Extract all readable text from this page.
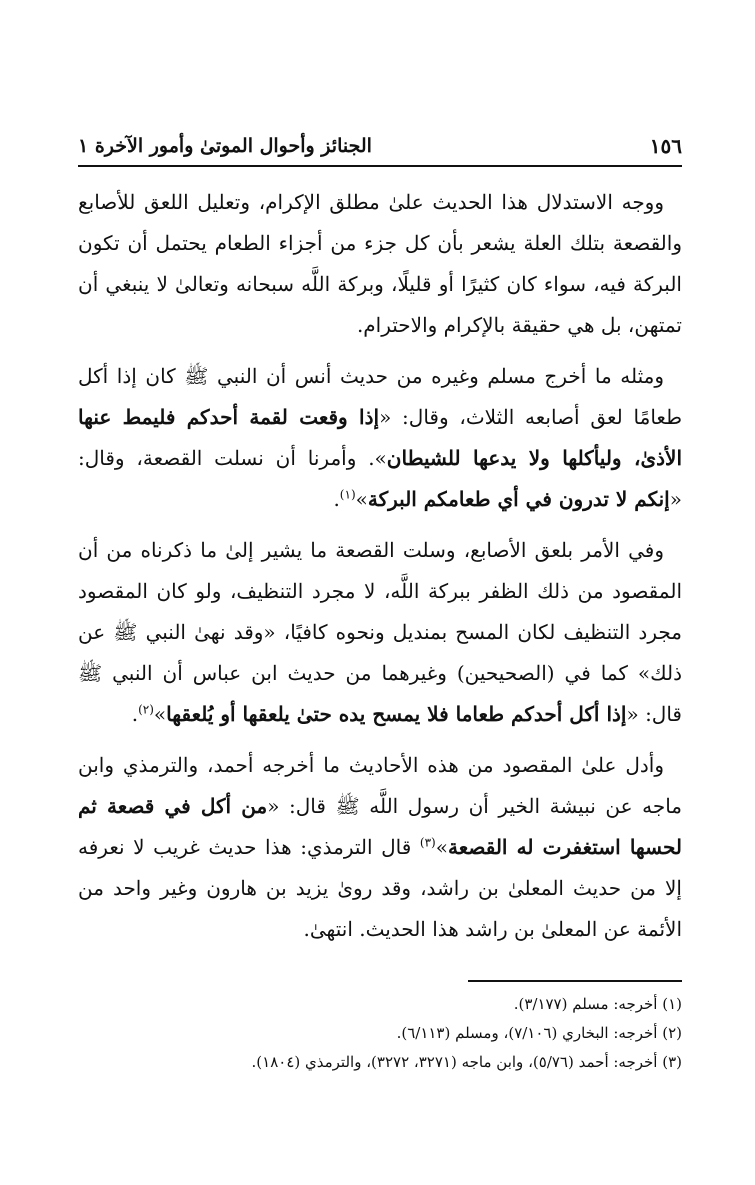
١٥٦
الجنائز وأحوال الموتىٰ وأمور الآخرة ١

ووجه الاستدلال هذا الحديث علىٰ مطلق الإكرام، وتعليل اللعق للأصابع والقصعة بتلك العلة يشعر بأن كل جزء من أجزاء الطعام يحتمل أن تكون البركة فيه، سواء كان كثيرًا أو قليلًا، وبركة اللَّه سبحانه وتعالىٰ لا ينبغي أن تمتهن، بل هي حقيقة بالإكرام والاحترام.

ومثله ما أخرج مسلم وغيره من حديث أنس أن النبي ﷺ كان إذا أكل طعامًا لعق أصابعه الثلاث، وقال: «إذا وقعت لقمة أحدكم فليمط عنها الأذىٰ، وليأكلها ولا يدعها للشيطان». وأمرنا أن نسلت القصعة، وقال: «إنكم لا تدرون في أي طعامكم البركة»$^{(١)}$.

وفي الأمر بلعق الأصابع، وسلت القصعة ما يشير إلىٰ ما ذكرناه من أن المقصود من ذلك الظفر ببركة اللَّه، لا مجرد التنظيف، ولو كان المقصود مجرد التنظيف لكان المسح بمنديل ونحوه كافيًا، «وقد نهىٰ النبي ﷺ عن ذلك» كما في (الصحيحين) وغيرهما من حديث ابن عباس أن النبي ﷺ قال: «إذا أكل أحدكم طعاما فلا يمسح يده حتىٰ يلعقها أو يُلعقها»$^{(٢)}$.

وأدل علىٰ المقصود من هذه الأحاديث ما أخرجه أحمد، والترمذي وابن ماجه عن نبيشة الخير أن رسول اللَّه ﷺ قال: «من أكل في قصعة ثم لحسها استغفرت له القصعة»$^{(٣)}$ قال الترمذي: هذا حديث غريب لا نعرفه إلا من حديث المعلىٰ بن راشد، وقد روىٰ يزيد بن هارون وغير واحد من الأئمة عن المعلىٰ بن راشد هذا الحديث. انتهىٰ.

(١) أخرجه: مسلم (٣/١٧٧).
(٢) أخرجه: البخاري (٧/١٠٦)، ومسلم (٦/١١٣).
(٣) أخرجه: أحمد (٥/٧٦)، وابن ماجه (٣٢٧١، ٣٢٧٢)، والترمذي (١٨٠٤).
